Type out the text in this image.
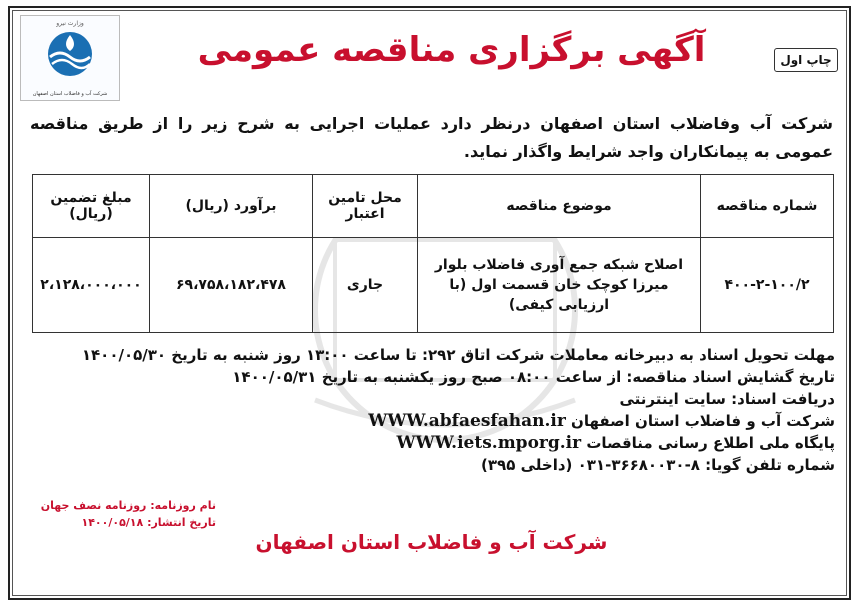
وزارت نیرو
شرکت آب و فاضلاب استان اصفهان
چاپ اول
آگهی برگزاری مناقصه عمومی
شرکت آب وفاضلاب استان اصفهان درنظر دارد عملیات اجرایی به شرح زیر را از طریق مناقصه عمومی به پیمانکاران واجد شرایط واگذار نماید.
شماره مناقصه	موضوع مناقصه	محل تامین اعتبار	برآورد (ریال)	مبلغ تضمین (ریال)
۴۰۰-۲-۱۰۰/۲	اصلاح شبکه جمع آوری فاضلاب بلوار میرزا کوچک خان قسمت اول (با ارزیابی کیفی)	جاری	۶۹،۷۵۸،۱۸۲،۴۷۸	۲،۱۲۸،۰۰۰،۰۰۰
مهلت تحویل اسناد به دبیرخانه معاملات شرکت اتاق ۲۹۲: تا ساعت ۱۳:۰۰ روز شنبه به تاریخ ۱۴۰۰/۰۵/۳۰
تاریخ گشایش اسناد مناقصه: از ساعت ۰۸:۰۰ صبح روز یکشنبه به تاریخ ۱۴۰۰/۰۵/۳۱
دریافت اسناد: سایت اینترنتی
شرکت آب و فاضلاب استان اصفهان WWW.abfaesfahan.ir
پایگاه ملی اطلاع رسانی مناقصات WWW.iets.mporg.ir
شماره تلفن گویا: ۸-۳۶۶۸۰۰۳۰-۰۳۱ (داخلی ۳۹۵)
نام روزنامه: روزنامه نصف جهان
تاریخ انتشار: ۱۴۰۰/۰۵/۱۸
شرکت آب و فاضلاب استان اصفهان
